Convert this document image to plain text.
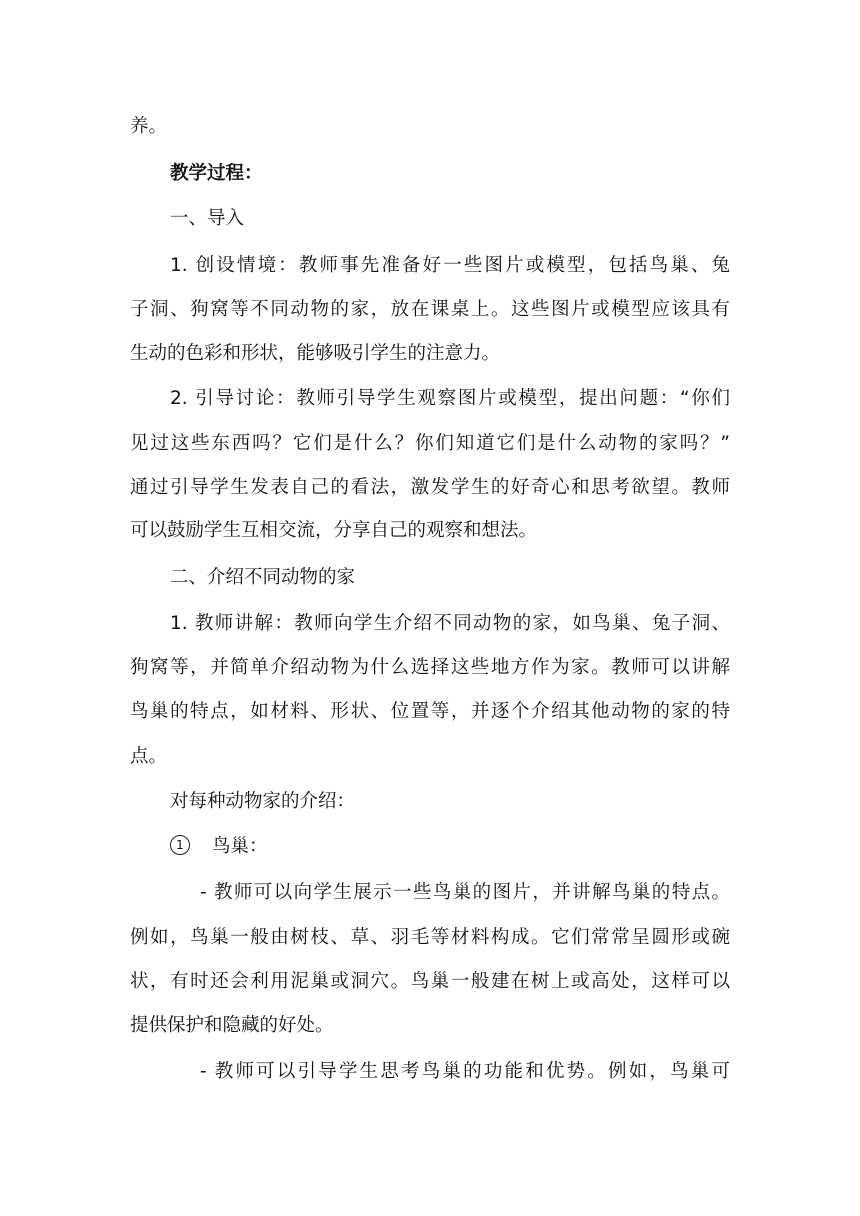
养。
教学过程：
一、导入
1. 创设情境：教师事先准备好一些图片或模型，包括鸟巢、兔
子洞、狗窝等不同动物的家，放在课桌上。这些图片或模型应该具有
生动的色彩和形状，能够吸引学生的注意力。
2. 引导讨论：教师引导学生观察图片或模型，提出问题：“你们
见过这些东西吗？它们是什么？你们知道它们是什么动物的家吗？”
通过引导学生发表自己的看法，激发学生的好奇心和思考欲望。教师
可以鼓励学生互相交流，分享自己的观察和想法。
二、介绍不同动物的家
1. 教师讲解：教师向学生介绍不同动物的家，如鸟巢、兔子洞、
狗窝等，并简单介绍动物为什么选择这些地方作为家。教师可以讲解
鸟巢的特点，如材料、形状、位置等，并逐个介绍其他动物的家的特
点。
对每种动物家的介绍：
1 鸟巢：
- 教师可以向学生展示一些鸟巢的图片，并讲解鸟巢的特点。
例如，鸟巢一般由树枝、草、羽毛等材料构成。它们常常呈圆形或碗
状，有时还会利用泥巢或洞穴。鸟巢一般建在树上或高处，这样可以
提供保护和隐藏的好处。
- 教师可以引导学生思考鸟巢的功能和优势。例如，鸟巢可
